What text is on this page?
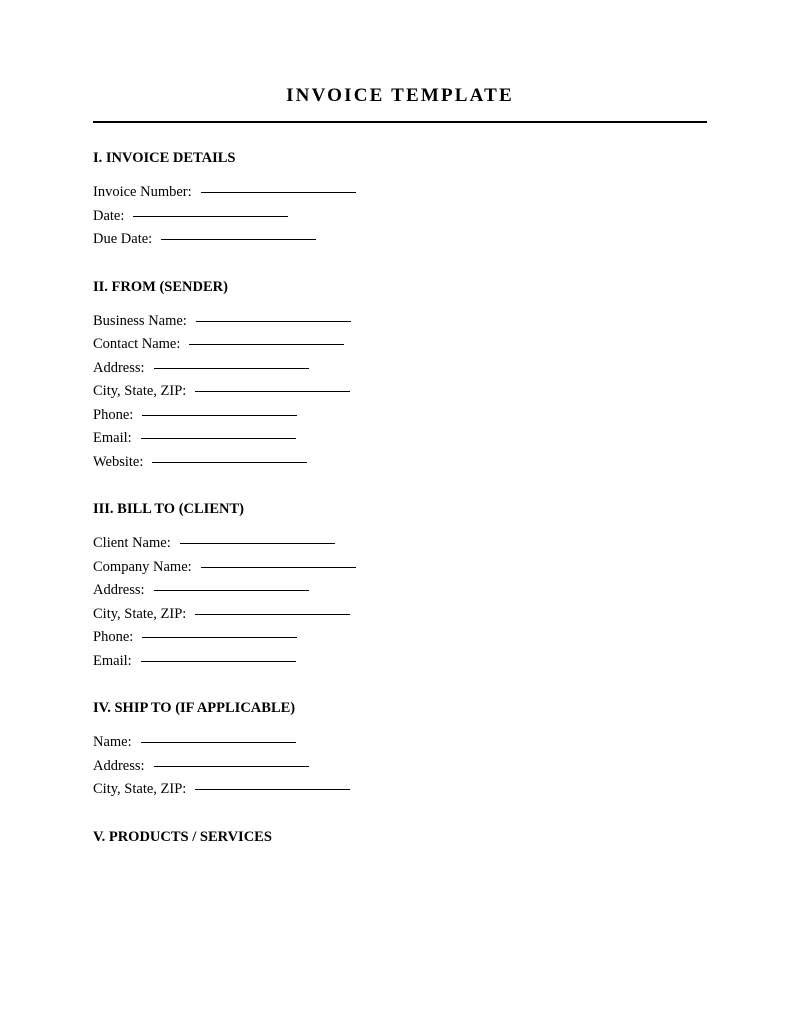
INVOICE TEMPLATE
I. INVOICE DETAILS
Invoice Number:
Date:
Due Date:
II. FROM (SENDER)
Business Name:
Contact Name:
Address:
City, State, ZIP:
Phone:
Email:
Website:
III. BILL TO (CLIENT)
Client Name:
Company Name:
Address:
City, State, ZIP:
Phone:
Email:
IV. SHIP TO (IF APPLICABLE)
Name:
Address:
City, State, ZIP:
V. PRODUCTS / SERVICES
